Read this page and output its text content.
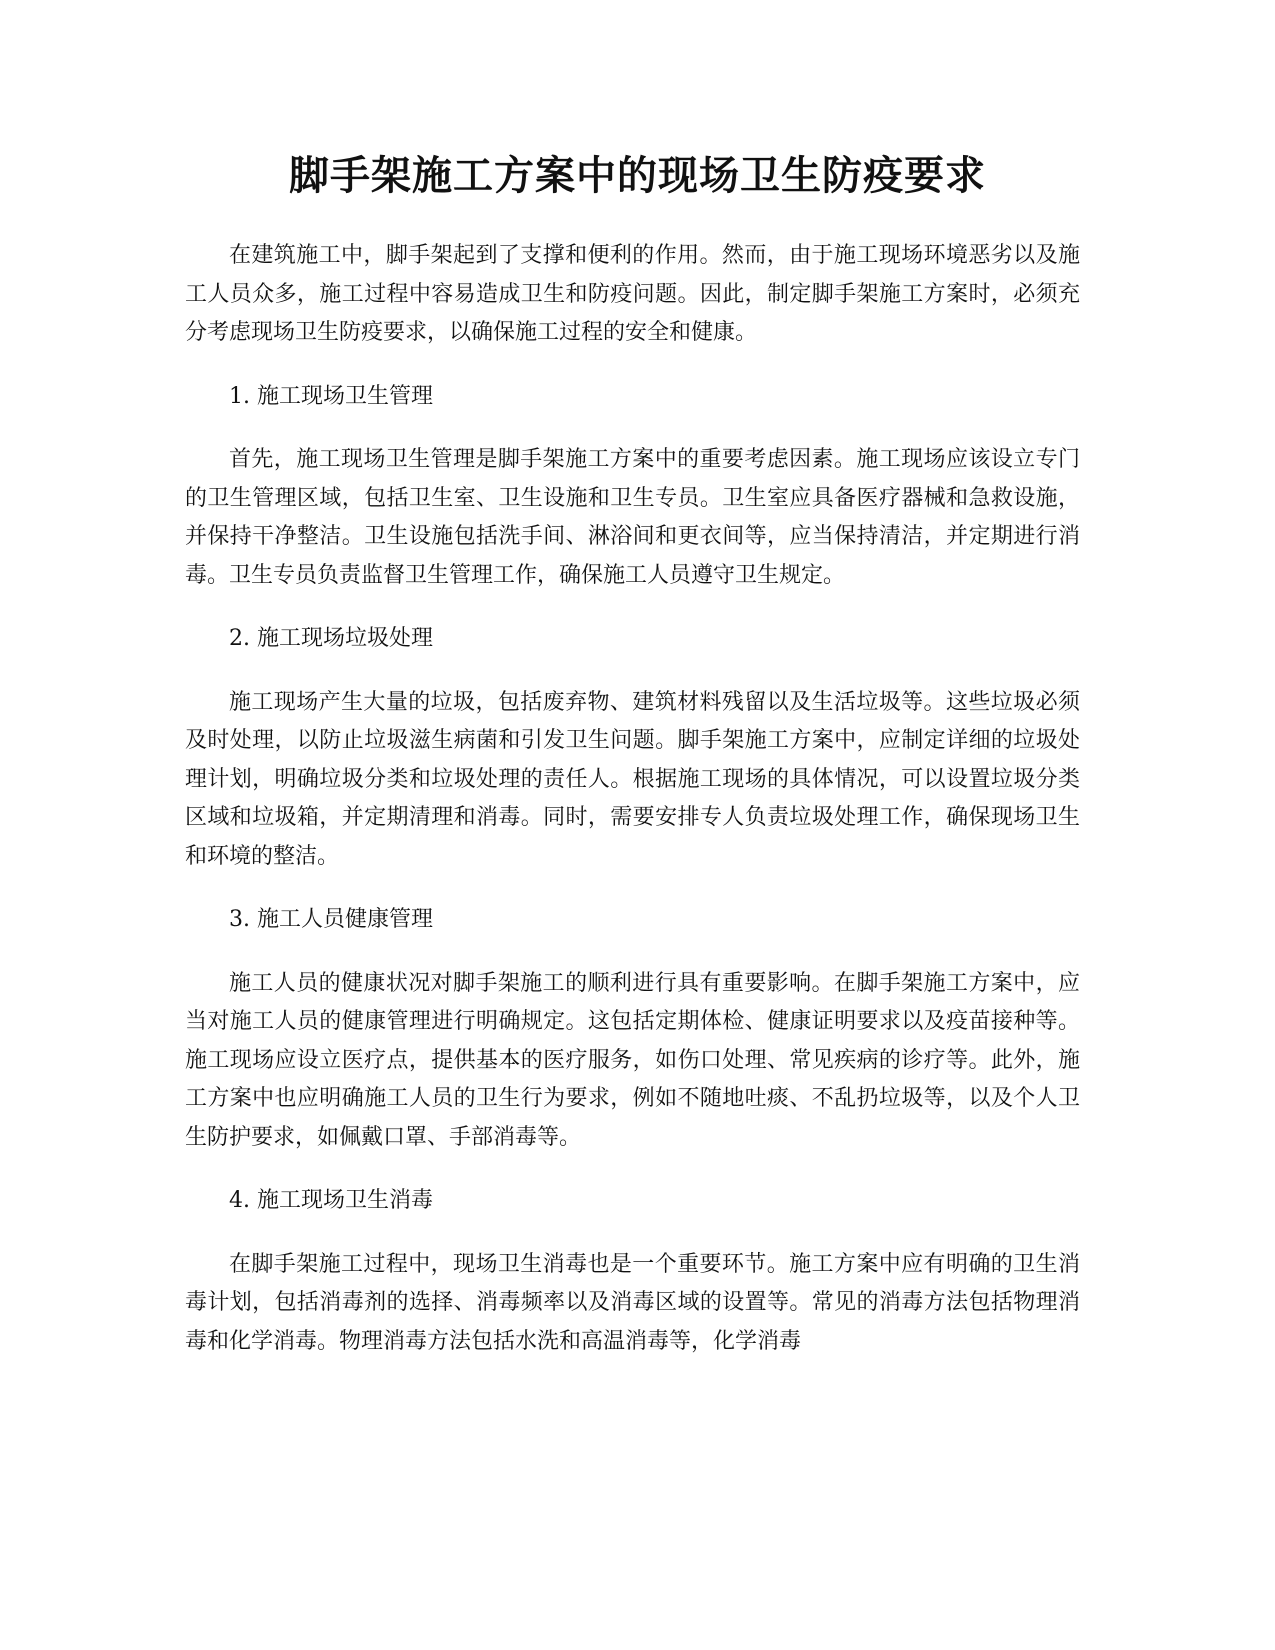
脚手架施工方案中的现场卫生防疫要求

在建筑施工中，脚手架起到了支撑和便利的作用。然而，由于施工现场环境恶劣以及施工人员众多，施工过程中容易造成卫生和防疫问题。因此，制定脚手架施工方案时，必须充分考虑现场卫生防疫要求，以确保施工过程的安全和健康。

1. 施工现场卫生管理

首先，施工现场卫生管理是脚手架施工方案中的重要考虑因素。施工现场应该设立专门的卫生管理区域，包括卫生室、卫生设施和卫生专员。卫生室应具备医疗器械和急救设施，并保持干净整洁。卫生设施包括洗手间、淋浴间和更衣间等，应当保持清洁，并定期进行消毒。卫生专员负责监督卫生管理工作，确保施工人员遵守卫生规定。

2. 施工现场垃圾处理

施工现场产生大量的垃圾，包括废弃物、建筑材料残留以及生活垃圾等。这些垃圾必须及时处理，以防止垃圾滋生病菌和引发卫生问题。脚手架施工方案中，应制定详细的垃圾处理计划，明确垃圾分类和垃圾处理的责任人。根据施工现场的具体情况，可以设置垃圾分类区域和垃圾箱，并定期清理和消毒。同时，需要安排专人负责垃圾处理工作，确保现场卫生和环境的整洁。

3. 施工人员健康管理

施工人员的健康状况对脚手架施工的顺利进行具有重要影响。在脚手架施工方案中，应当对施工人员的健康管理进行明确规定。这包括定期体检、健康证明要求以及疫苗接种等。施工现场应设立医疗点，提供基本的医疗服务，如伤口处理、常见疾病的诊疗等。此外，施工方案中也应明确施工人员的卫生行为要求，例如不随地吐痰、不乱扔垃圾等，以及个人卫生防护要求，如佩戴口罩、手部消毒等。

4. 施工现场卫生消毒

在脚手架施工过程中，现场卫生消毒也是一个重要环节。施工方案中应有明确的卫生消毒计划，包括消毒剂的选择、消毒频率以及消毒区域的设置等。常见的消毒方法包括物理消毒和化学消毒。物理消毒方法包括水洗和高温消毒等，化学消毒
